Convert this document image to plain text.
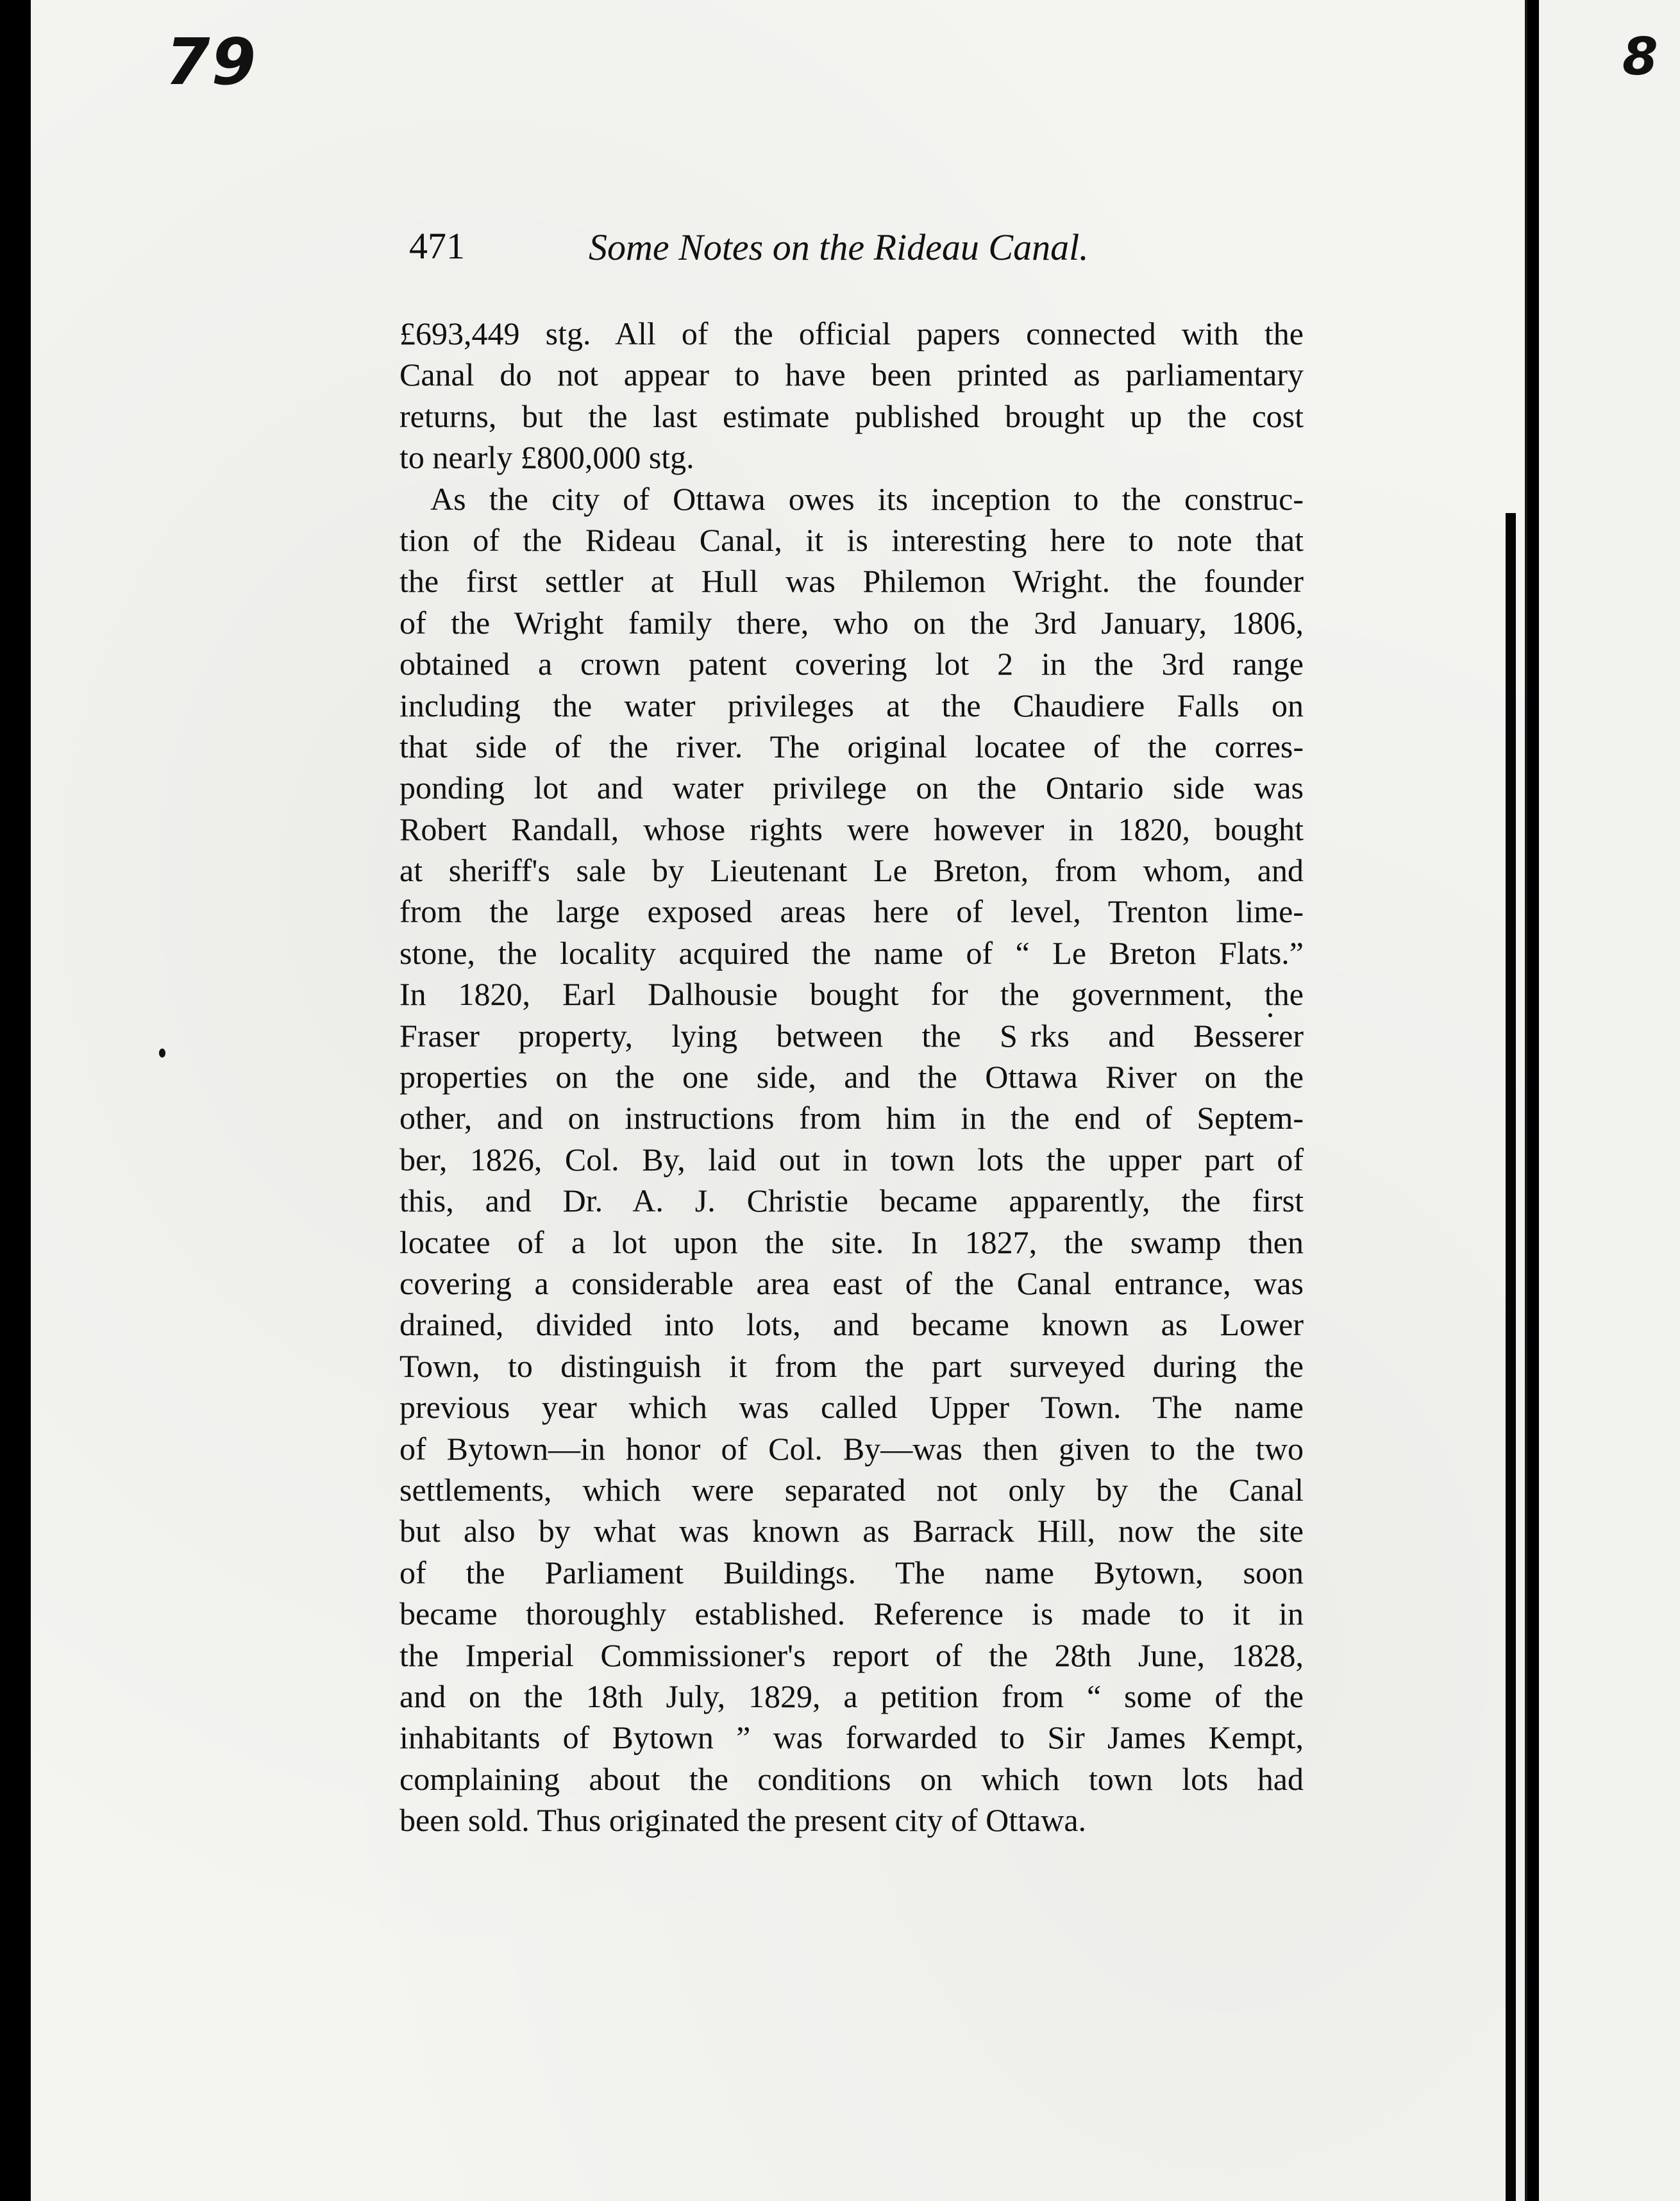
79
471	Some Notes on the Rideau Canal.
£693,449 stg. All of the official papers connected with the
Canal do not appear to have been printed as parliamentary
returns, but the last estimate published brought up the cost
to nearly £800,000 stg.
As the city of Ottawa owes its inception to the construc-
tion of the Rideau Canal, it is interesting here to note that
the first settler at Hull was Philemon Wright. the founder
of the Wright family there, who on the 3rd January, 1806,
obtained a crown patent covering lot 2 in the 3rd range
including the water privileges at the Chaudiere Falls on
that side of the river. The original locatee of the corres-
ponding lot and water privilege on the Ontario side was
Robert Randall, whose rights were however in 1820, bought
at sheriff's sale by Lieutenant Le Breton, from whom, and
from the large exposed areas here of level, Trenton lime-
stone, the locality acquired the name of “ Le Breton Flats.”
In 1820, Earl Dalhousie bought for the government, the
Fraser property, lying between the S  rks and Besserer
properties on the one side, and the Ottawa River on the
other, and on instructions from him in the end of Septem-
ber, 1826, Col. By, laid out in town lots the upper part of
this, and Dr. A. J. Christie became apparently, the first
locatee of a lot upon the site. In 1827, the swamp then
covering a considerable area east of the Canal entrance, was
drained, divided into lots, and became known as Lower
Town, to distinguish it from the part surveyed during the
previous year which was called Upper Town. The name
of Bytown—in honor of Col. By—was then given to the two
settlements, which were separated not only by the Canal
but also by what was known as Barrack Hill, now the site
of the Parliament Buildings. The name Bytown, soon
became thoroughly established. Reference is made to it in
the Imperial Commissioner's report of the 28th June, 1828,
and on the 18th July, 1829, a petition from “ some of the
inhabitants of Bytown ” was forwarded to Sir James Kempt,
complaining about the conditions on which town lots had
been sold. Thus originated the present city of Ottawa.
8
